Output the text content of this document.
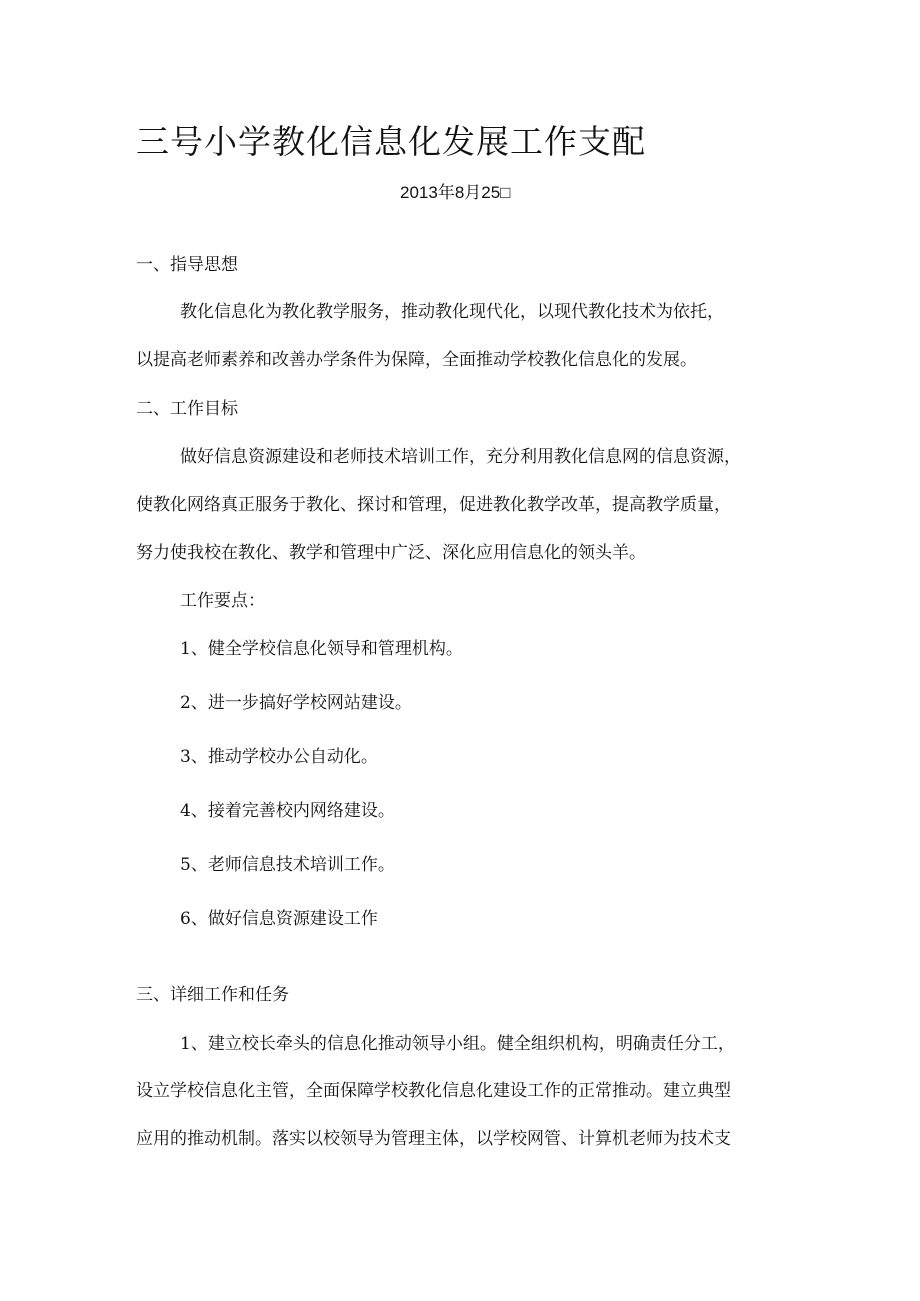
三号小学教化信息化发展工作支配
2013年8月25□
一、指导思想
教化信息化为教化教学服务，推动教化现代化，以现代教化技术为依托，
以提高老师素养和改善办学条件为保障，全面推动学校教化信息化的发展。
二、工作目标
做好信息资源建设和老师技术培训工作，充分利用教化信息网的信息资源，
使教化网络真正服务于教化、探讨和管理，促进教化教学改革，提高教学质量，
努力使我校在教化、教学和管理中广泛、深化应用信息化的领头羊。
工作要点：
1、健全学校信息化领导和管理机构。
2、进一步搞好学校网站建设。
3、推动学校办公自动化。
4、接着完善校内网络建设。
5、老师信息技术培训工作。
6、做好信息资源建设工作
三、详细工作和任务
1、建立校长牵头的信息化推动领导小组。健全组织机构，明确责任分工，
设立学校信息化主管，全面保障学校教化信息化建设工作的正常推动。建立典型
应用的推动机制。落实以校领导为管理主体，以学校网管、计算机老师为技术支
